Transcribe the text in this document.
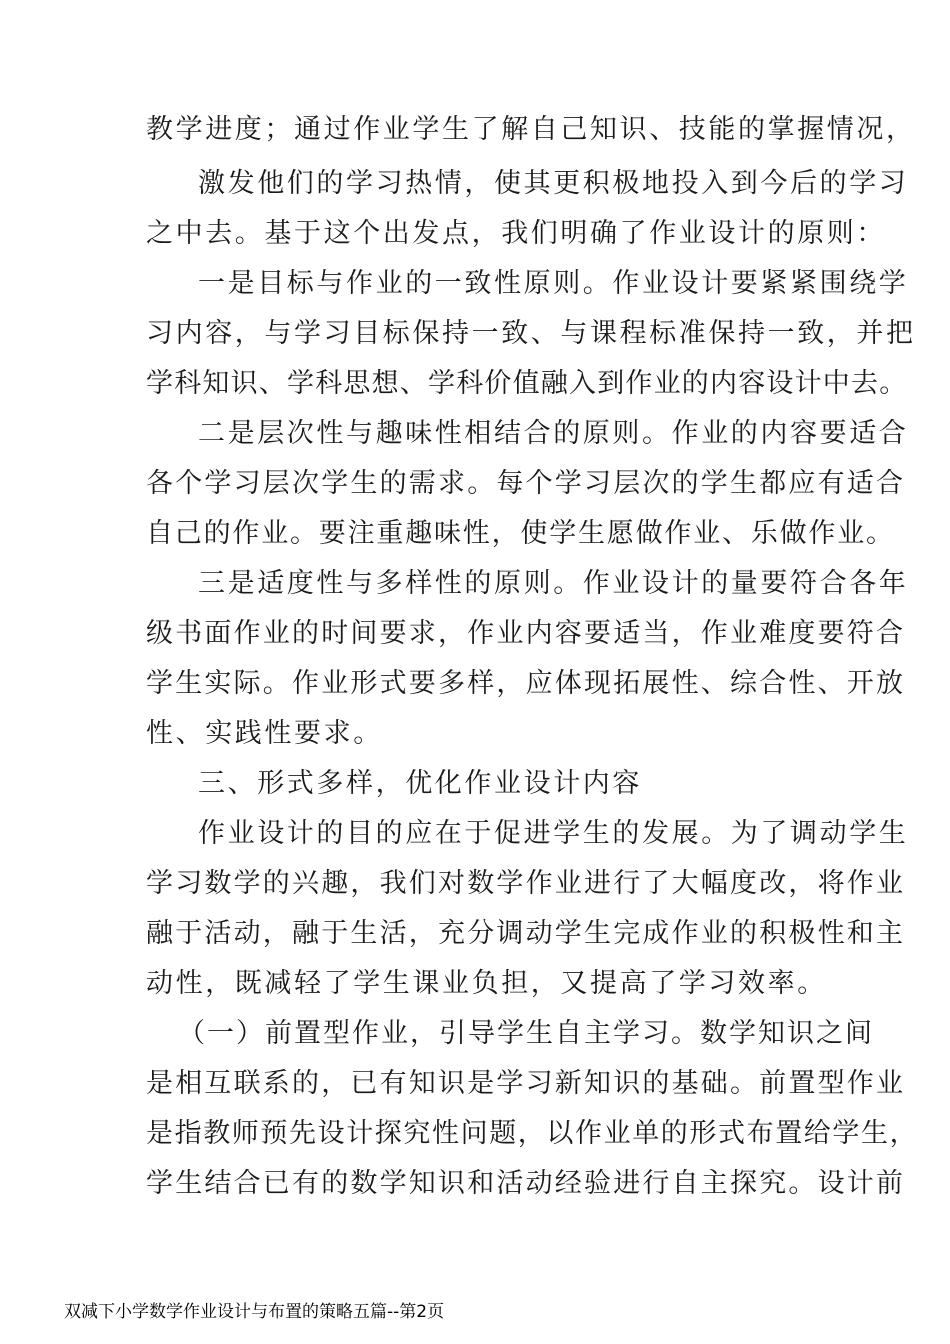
教学进度；通过作业学生了解自己知识、技能的掌握情况，
激发他们的学习热情，使其更积极地投入到今后的学习
之中去。基于这个出发点，我们明确了作业设计的原则：
一是目标与作业的一致性原则。作业设计要紧紧围绕学
习内容，与学习目标保持一致、与课程标准保持一致，并把
学科知识、学科思想、学科价值融入到作业的内容设计中去。
二是层次性与趣味性相结合的原则。作业的内容要适合
各个学习层次学生的需求。每个学习层次的学生都应有适合
自己的作业。要注重趣味性，使学生愿做作业、乐做作业。
三是适度性与多样性的原则。作业设计的量要符合各年
级书面作业的时间要求，作业内容要适当，作业难度要符合
学生实际。作业形式要多样，应体现拓展性、综合性、开放
性、实践性要求。
三、形式多样，优化作业设计内容
作业设计的目的应在于促进学生的发展。为了调动学生
学习数学的兴趣，我们对数学作业进行了大幅度改，将作业
融于活动，融于生活，充分调动学生完成作业的积极性和主
动性，既减轻了学生课业负担，又提高了学习效率。
（一）前置型作业，引导学生自主学习。数学知识之间
是相互联系的，已有知识是学习新知识的基础。前置型作业
是指教师预先设计探究性问题，以作业单的形式布置给学生，
学生结合已有的数学知识和活动经验进行自主探究。设计前
双减下小学数学作业设计与布置的策略五篇--第2页
